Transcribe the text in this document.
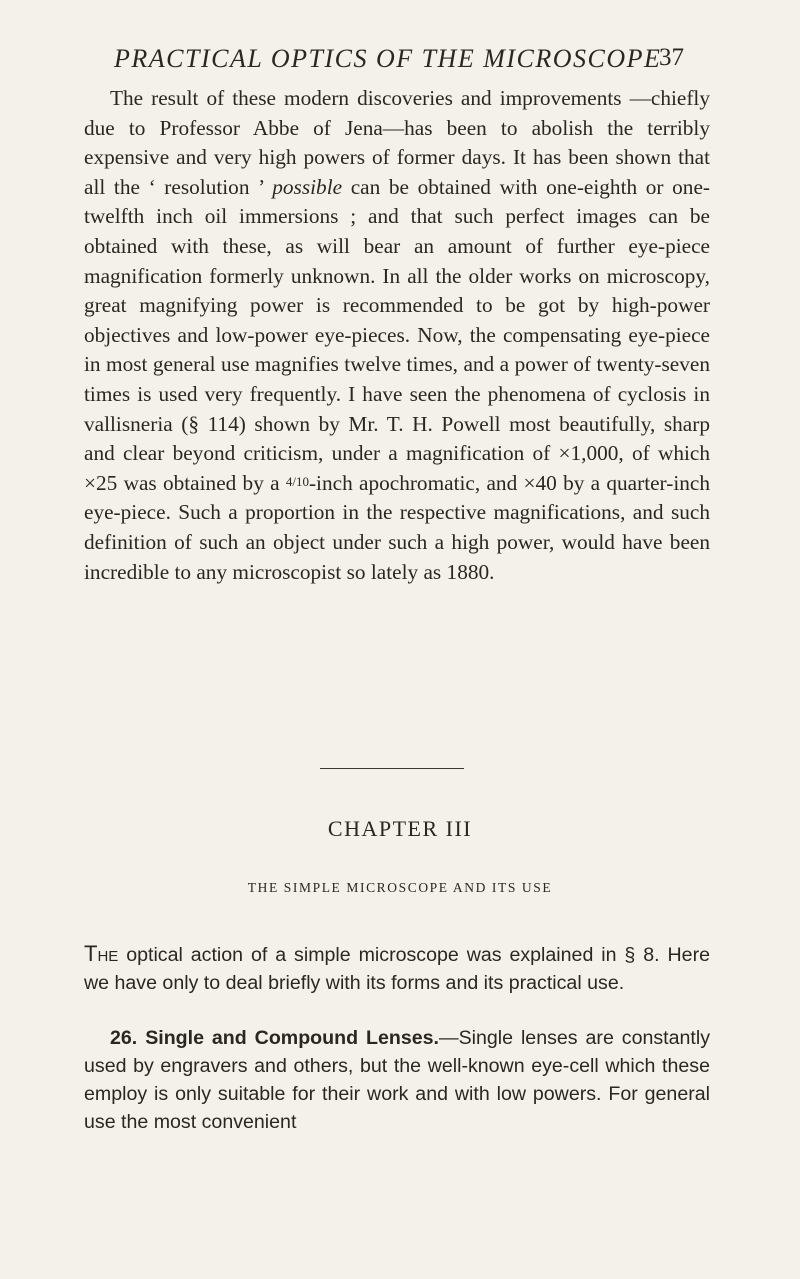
PRACTICAL OPTICS OF THE MICROSCOPE
37

The result of these modern discoveries and improvements —chiefly due to Professor Abbe of Jena—has been to abolish the terribly expensive and very high powers of former days. It has been shown that all the ‘ resolution ’ possible can be obtained with one-eighth or one-twelfth inch oil immersions ; and that such perfect images can be obtained with these, as will bear an amount of further eye-piece magnification formerly unknown. In all the older works on microscopy, great magnifying power is recommended to be got by high-power objectives and low-power eye-pieces. Now, the compensating eye-piece in most general use magnifies twelve times, and a power of twenty-seven times is used very frequently. I have seen the phenomena of cyclosis in vallisneria (§ 114) shown by Mr. T. H. Powell most beautifully, sharp and clear beyond criticism, under a magnification of ×1,000, of which ×25 was obtained by a 4/10-inch apochromatic, and ×40 by a quarter-inch eye-piece. Such a proportion in the respective magnifications, and such definition of such an object under such a high power, would have been incredible to any microscopist so lately as 1880.

CHAPTER III
THE SIMPLE MICROSCOPE AND ITS USE

The optical action of a simple microscope was explained in § 8. Here we have only to deal briefly with its forms and its practical use.

26. Single and Compound Lenses.—Single lenses are constantly used by engravers and others, but the well-known eye-cell which these employ is only suitable for their work and with low powers. For general use the most convenient
